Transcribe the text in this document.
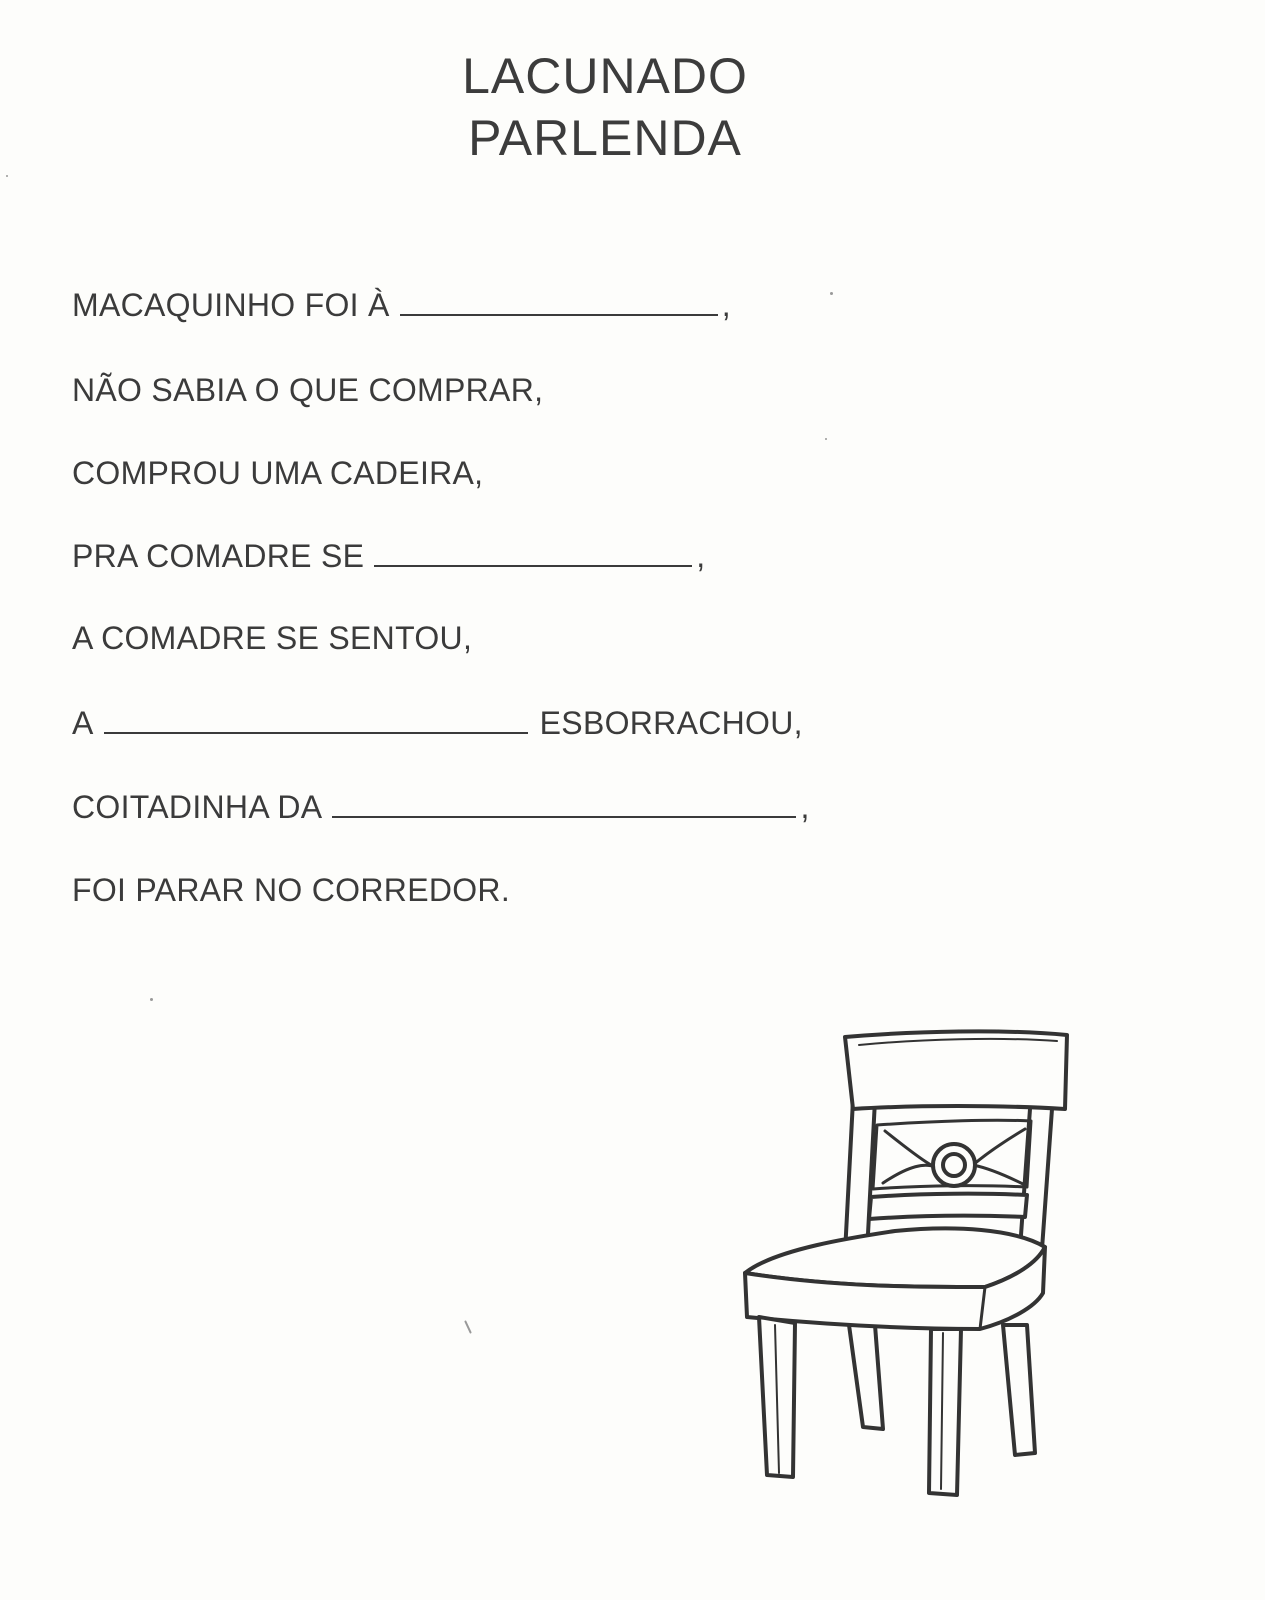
LACUNADO
PARLENDA
MACAQUINHO FOI À	,
NÃO SABIA O QUE COMPRAR,
COMPROU UMA CADEIRA,
PRA COMADRE SE	,
A COMADRE SE SENTOU,
A	ESBORRACHOU,
COITADINHA DA	,
FOI PARAR NO CORREDOR.
